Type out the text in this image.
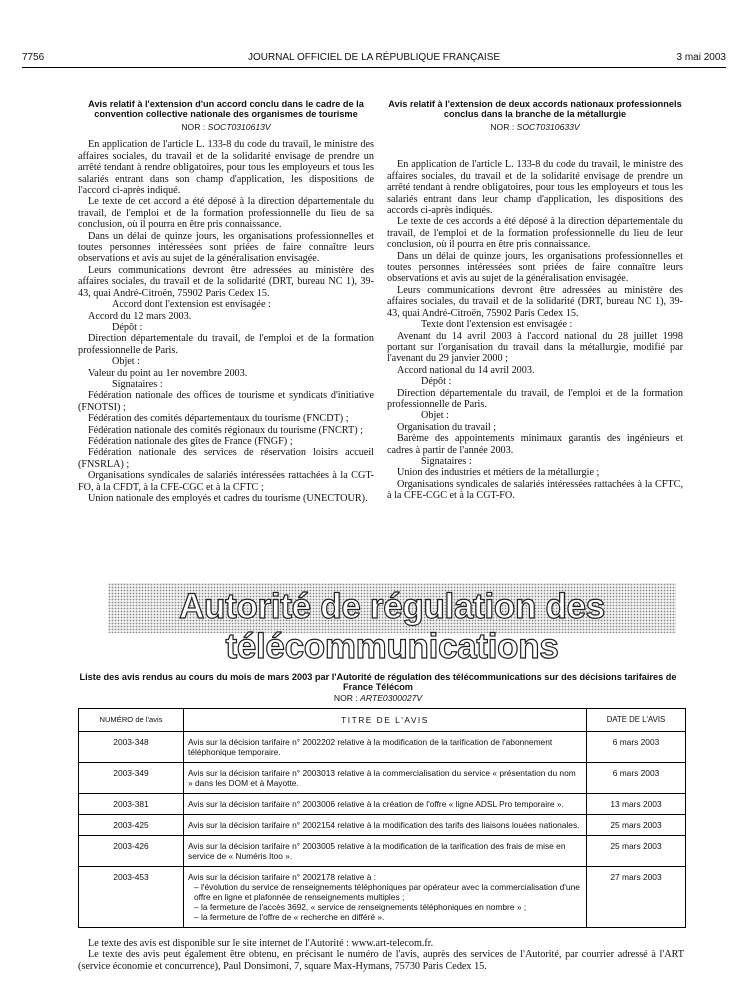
7756	JOURNAL OFFICIEL DE LA RÉPUBLIQUE FRANÇAISE	3 mai 2003
Avis relatif à l'extension d'un accord conclu dans le cadre de la convention collective nationale des organismes de tourisme
NOR : SOCT0310613V

En application de l'article L. 133-8 du code du travail, le ministre des affaires sociales, du travail et de la solidarité envisage de prendre un arrêté tendant à rendre obligatoires, pour tous les employeurs et tous les salariés entrant dans son champ d'application, les dispositions de l'accord ci-après indiqué.

Le texte de cet accord a été déposé à la direction départementale du travail, de l'emploi et de la formation professionnelle du lieu de sa conclusion, où il pourra en être pris connaissance.

Dans un délai de quinze jours, les organisations professionnelles et toutes personnes intéressées sont priées de faire connaître leurs observations et avis au sujet de la généralisation envisagée.

Leurs communications devront être adressées au ministère des affaires sociales, du travail et de la solidarité (DRT, bureau NC 1), 39-43, quai André-Citroën, 75902 Paris Cedex 15.

Accord dont l'extension est envisagée :

Accord du 12 mars 2003.

Dépôt :

Direction départementale du travail, de l'emploi et de la formation professionnelle de Paris.

Objet :

Valeur du point au 1er novembre 2003.

Signataires :

Fédération nationale des offices de tourisme et syndicats d'initiative (FNOTSI) ;

Fédération des comités départementaux du tourisme (FNCDT) ;

Fédération nationale des comités régionaux du tourisme (FNCRT) ;

Fédération nationale des gîtes de France (FNGF) ;

Fédération nationale des services de réservation loisirs accueil (FNSRLA) ;

Organisations syndicales de salariés intéressées rattachées à la CGT-FO, à la CFDT, à la CFE-CGC et à la CFTC ;

Union nationale des employés et cadres du tourisme (UNECTOUR).

Avis relatif à l'extension de deux accords nationaux professionnels conclus dans la branche de la métallurgie
NOR : SOCT0310633V

En application de l'article L. 133-8 du code du travail, le ministre des affaires sociales, du travail et de la solidarité envisage de prendre un arrêté tendant à rendre obligatoires, pour tous les employeurs et tous les salariés entrant dans leur champ d'application, les dispositions des accords ci-après indiqués.

Le texte de ces accords a été déposé à la direction départementale du travail, de l'emploi et de la formation professionnelle du lieu de leur conclusion, où il pourra en être pris connaissance.

Dans un délai de quinze jours, les organisations professionnelles et toutes personnes intéressées sont priées de faire connaître leurs observations et avis au sujet de la généralisation envisagée.

Leurs communications devront être adressées au ministère des affaires sociales, du travail et de la solidarité (DRT, bureau NC 1), 39-43, quai André-Citroën, 75902 Paris Cedex 15.

Texte dont l'extension est envisagée :

Avenant du 14 avril 2003 à l'accord national du 28 juillet 1998 portant sur l'organisation du travail dans la métallurgie, modifié par l'avenant du 29 janvier 2000 ;

Accord national du 14 avril 2003.

Dépôt :

Direction départementale du travail, de l'emploi et de la formation professionnelle de Paris.

Objet :

Organisation du travail ;

Barème des appointements minimaux garantis des ingénieurs et cadres à partir de l'année 2003.

Signataires :

Union des industries et métiers de la métallurgie ;

Organisations syndicales de salariés intéressées rattachées à la CFTC, à la CFE-CGC et à la CGT-FO.

Autorité de régulation des télécommunications
Liste des avis rendus au cours du mois de mars 2003 par l'Autorité de régulation des télécommunications sur des décisions tarifaires de France Télécom
NOR : ARTE0300027V
NUMÉRO de l'avis	TITRE DE L'AVIS	DATE DE L'AVIS
2003-348	Avis sur la décision tarifaire n° 2002202 relative à la modification de la tarification de l'abonnement téléphonique temporaire.	6 mars 2003
2003-349	Avis sur la décision tarifaire n° 2003013 relative à la commercialisation du service « présentation du nom » dans les DOM et à Mayotte.	6 mars 2003
2003-381	Avis sur la décision tarifaire n° 2003006 relative à la création de l'offre « ligne ADSL Pro temporaire ».	13 mars 2003
2003-425	Avis sur la décision tarifaire n° 2002154 relative à la modification des tarifs des liaisons louées nationales.	25 mars 2003
2003-426	Avis sur la décision tarifaire n° 2003005 relative à la modification de la tarification des frais de mise en service de « Numéris Itoo ».	25 mars 2003
2003-453	Avis sur la décision tarifaire n° 2002178 relative à :
– l'évolution du service de renseignements téléphoniques par opérateur avec la commercialisation d'une offre en ligne et plafonnée de renseignements multiples ;
– la fermeture de l'accès 3692, « service de renseignements téléphoniques en nombre » ;
– la fermeture de l'offre de « recherche en différé ».	27 mars 2003

Le texte des avis est disponible sur le site internet de l'Autorité : www.art-telecom.fr.

Le texte des avis peut également être obtenu, en précisant le numéro de l'avis, auprès des services de l'Autorité, par courrier adressé à l'ART (service économie et concurrence), Paul Donsimoni, 7, square Max-Hymans, 75730 Paris Cedex 15.
